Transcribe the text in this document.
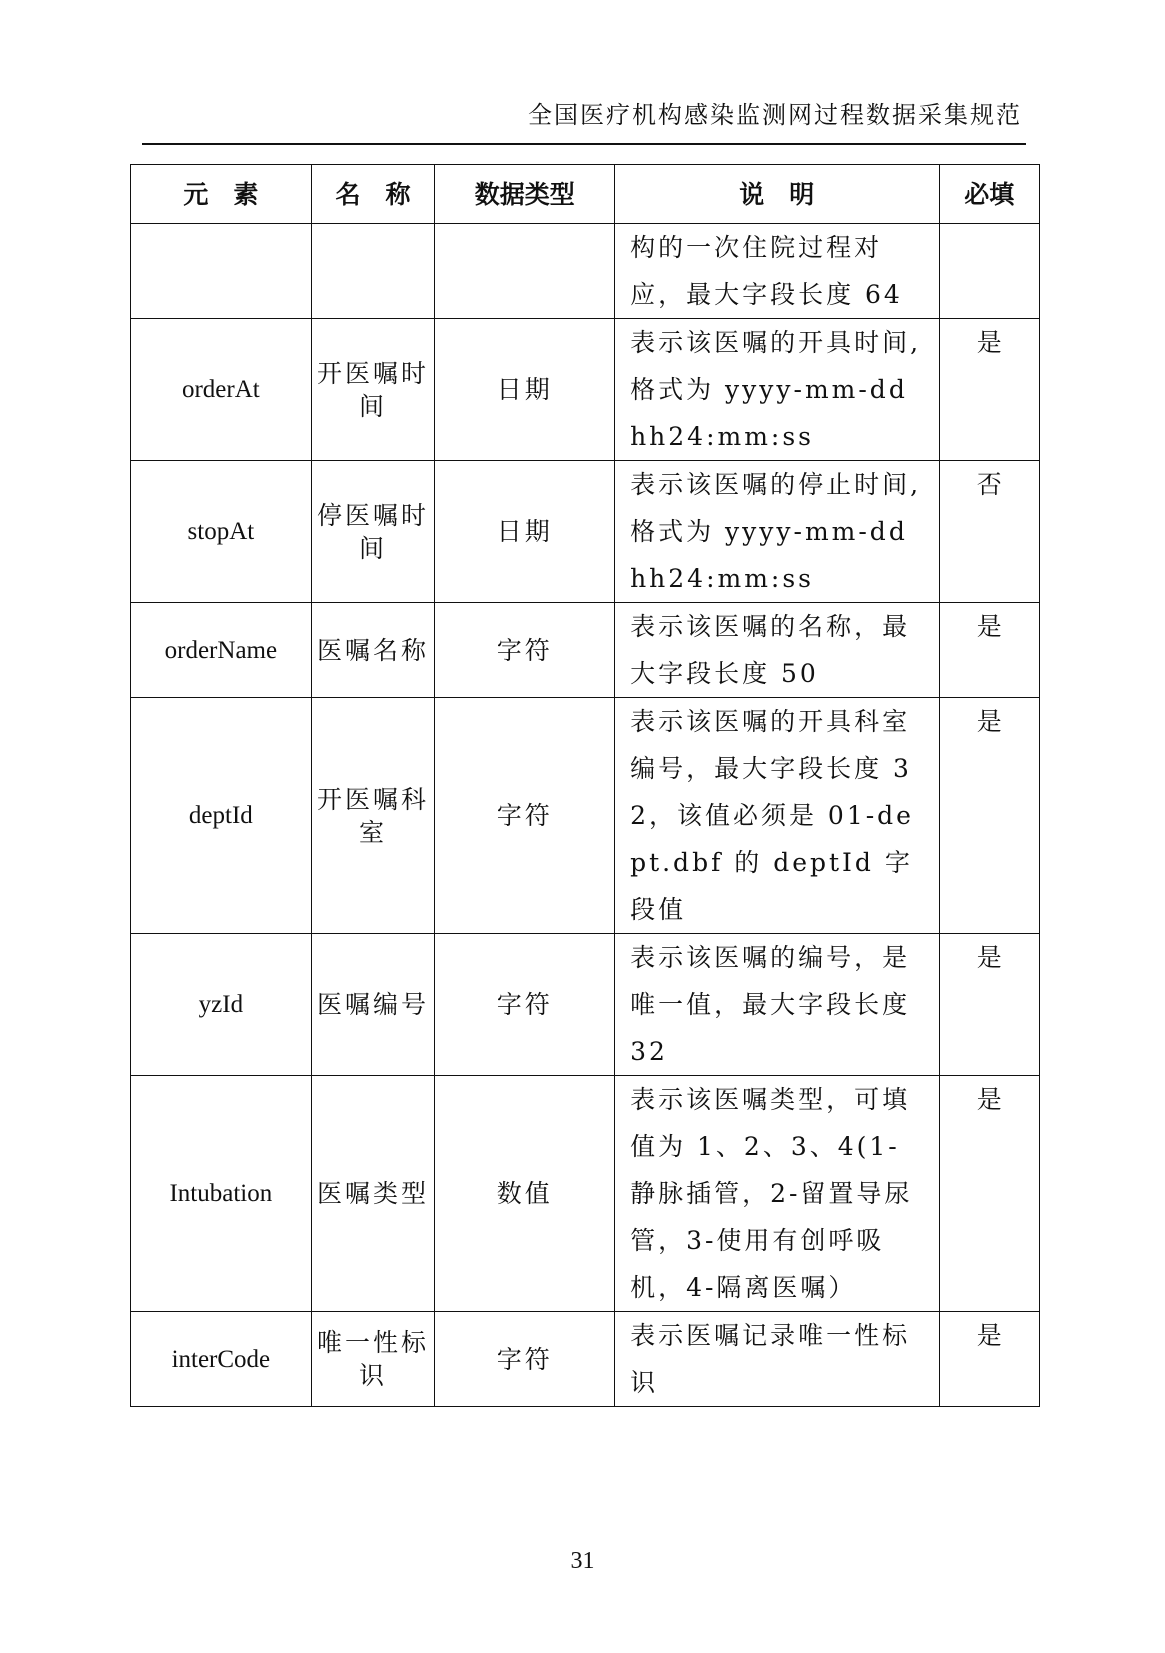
全国医疗机构感染监测网过程数据采集规范
元　素	名　称	数据类型	说　明	必填
			构的一次住院过程对应，最大字段长度 64	
orderAt	开医嘱时间	日期	表示该医嘱的开具时间,格式为 yyyy-mm-dd hh24:mm:ss	是
stopAt	停医嘱时间	日期	表示该医嘱的停止时间,格式为 yyyy-mm-dd hh24:mm:ss	否
orderName	医嘱名称	字符	表示该医嘱的名称，最大字段长度 50	是
deptId	开医嘱科室	字符	表示该医嘱的开具科室编号，最大字段长度 32，该值必须是 01-dept.dbf 的 deptId 字段值	是
yzId	医嘱编号	字符	表示该医嘱的编号，是唯一值，最大字段长度 32	是
Intubation	医嘱类型	数值	表示该医嘱类型，可填值为 1、2、3、4(1-静脉插管，2-留置导尿管，3-使用有创呼吸机，4-隔离医嘱）	是
interCode	唯一性标识	字符	表示医嘱记录唯一性标识	是
31
